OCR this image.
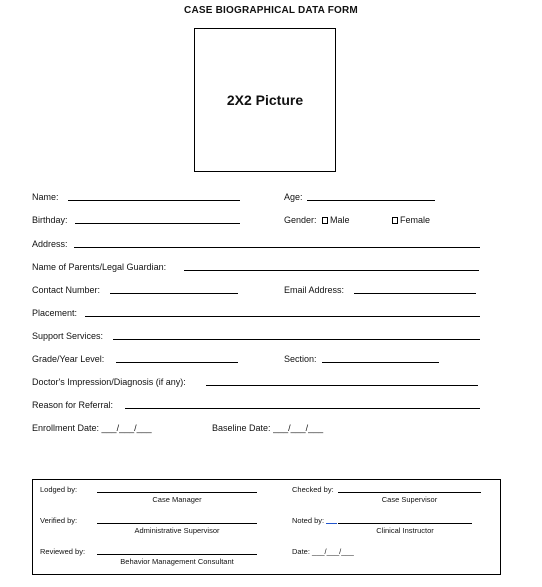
CASE BIOGRAPHICAL DATA FORM
2X2 Picture
Name:	Age:
Birthday:	Gender:	Male	Female
Address:
Name of Parents/Legal Guardian:
Contact Number:	Email Address:
Placement:
Support Services:
Grade/Year Level:	Section:
Doctor's Impression/Diagnosis (if any):
Reason for Referral:
Enrollment Date: ___/___/___	Baseline Date: ___/___/___
Lodged by:
Case Manager
Checked by:
Case Supervisor
Verified by:
Administrative Supervisor
Noted by:
Clinical Instructor
Reviewed by:
Behavior Management Consultant
Date: ___/___/___
